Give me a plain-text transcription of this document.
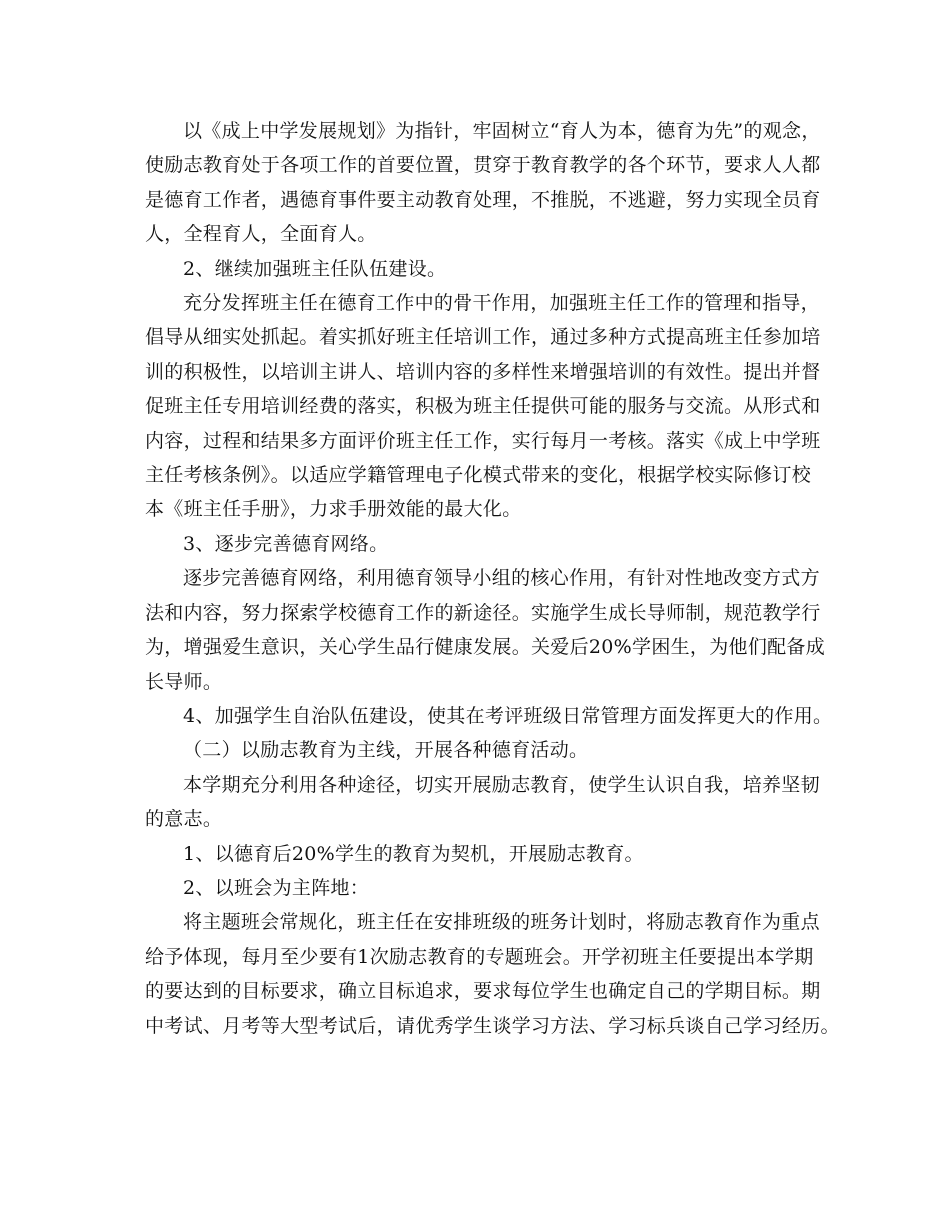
以《成上中学发展规划》为指针，牢固树立“育人为本，德育为先”的观念，
使励志教育处于各项工作的首要位置，贯穿于教育教学的各个环节，要求人人都
是德育工作者，遇德育事件要主动教育处理，不推脱，不逃避，努力实现全员育
人，全程育人，全面育人。
2、继续加强班主任队伍建设。
充分发挥班主任在德育工作中的骨干作用，加强班主任工作的管理和指导，
倡导从细实处抓起。着实抓好班主任培训工作，通过多种方式提高班主任参加培
训的积极性，以培训主讲人、培训内容的多样性来增强培训的有效性。提出并督
促班主任专用培训经费的落实，积极为班主任提供可能的服务与交流。从形式和
内容，过程和结果多方面评价班主任工作，实行每月一考核。落实《成上中学班
主任考核条例》。以适应学籍管理电子化模式带来的变化，根据学校实际修订校
本《班主任手册》，力求手册效能的最大化。
3、逐步完善德育网络。
逐步完善德育网络，利用德育领导小组的核心作用，有针对性地改变方式方
法和内容，努力探索学校德育工作的新途径。实施学生成长导师制，规范教学行
为，增强爱生意识，关心学生品行健康发展。关爱后20%学困生，为他们配备成
长导师。
4、加强学生自治队伍建设，使其在考评班级日常管理方面发挥更大的作用。
（二）以励志教育为主线，开展各种德育活动。
本学期充分利用各种途径，切实开展励志教育，使学生认识自我，培养坚韧
的意志。
1、以德育后20%学生的教育为契机，开展励志教育。
2、以班会为主阵地：
将主题班会常规化，班主任在安排班级的班务计划时，将励志教育作为重点
给予体现，每月至少要有1次励志教育的专题班会。开学初班主任要提出本学期
的要达到的目标要求，确立目标追求，要求每位学生也确定自己的学期目标。期
中考试、月考等大型考试后，请优秀学生谈学习方法、学习标兵谈自己学习经历。
